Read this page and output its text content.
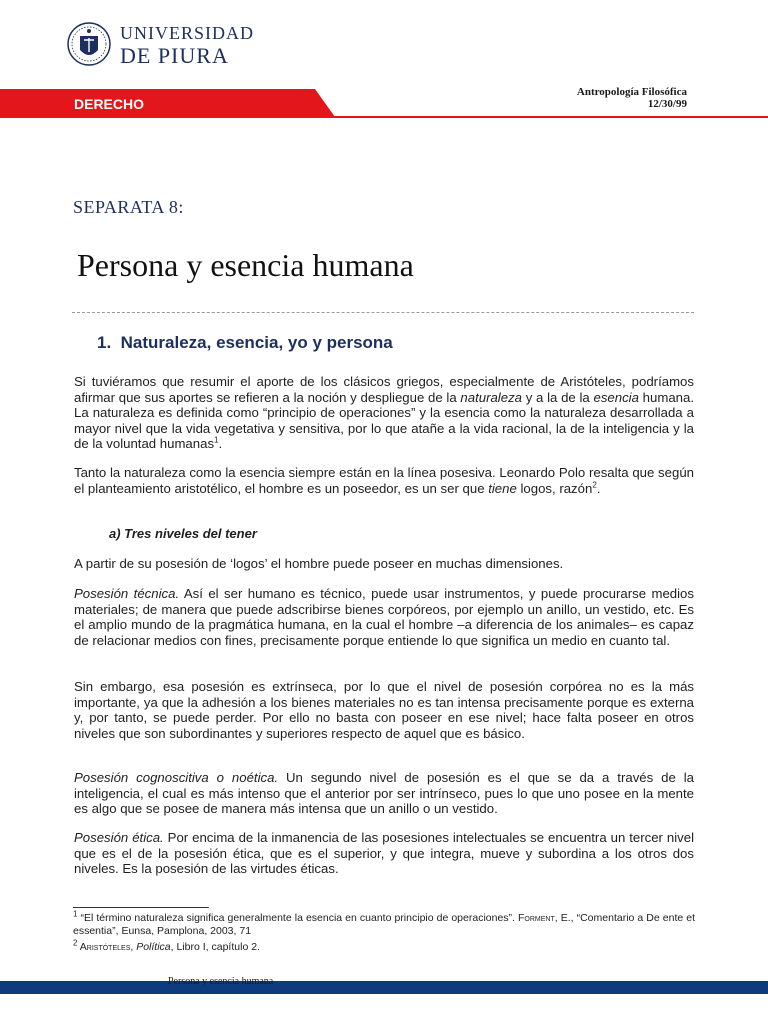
UNIVERSIDAD
DE PIURA
DERECHO
Antropología Filosófica
12/30/99
SEPARATA 8:
Persona y esencia humana
1. Naturaleza, esencia, yo y persona
Si tuviéramos que resumir el aporte de los clásicos griegos, especialmente de Aristóteles, podríamos afirmar que sus aportes se refieren a la noción y despliegue de la naturaleza y a la de la esencia humana. La naturaleza es definida como “principio de operaciones” y la esencia como la naturaleza desarrollada a mayor nivel que la vida vegetativa y sensitiva, por lo que atañe a la vida racional, la de la inteligencia y la de la voluntad humanas$^1$.
Tanto la naturaleza como la esencia siempre están en la línea posesiva. Leonardo Polo resalta que según el planteamiento aristotélico, el hombre es un poseedor, es un ser que tiene logos, razón$^2$.
a) Tres niveles del tener
A partir de su posesión de ‘logos’ el hombre puede poseer en muchas dimensiones.
Posesión técnica. Así el ser humano es técnico, puede usar instrumentos, y puede procurarse medios materiales; de manera que puede adscribirse bienes corpóreos, por ejemplo un anillo, un vestido, etc. Es el amplio mundo de la pragmática humana, en la cual el hombre –a diferencia de los animales– es capaz de relacionar medios con fines, precisamente porque entiende lo que significa un medio en cuanto tal.
Sin embargo, esa posesión es extrínseca, por lo que el nivel de posesión corpórea no es la más importante, ya que la adhesión a los bienes materiales no es tan intensa precisamente porque es externa y, por tanto, se puede perder. Por ello no basta con poseer en ese nivel; hace falta poseer en otros niveles que son subordinantes y superiores respecto de aquel que es básico.
Posesión cognoscitiva o noética. Un segundo nivel de posesión es el que se da a través de la inteligencia, el cual es más intenso que el anterior por ser intrínseco, pues lo que uno posee en la mente es algo que se posee de manera más intensa que un anillo o un vestido.
Posesión ética. Por encima de la inmanencia de las posesiones intelectuales se encuentra un tercer nivel que es el de la posesión ética, que es el superior, y que integra, mueve y subordina a los otros dos niveles. Es la posesión de las virtudes éticas.
$^1$ “El término naturaleza significa generalmente la esencia en cuanto principio de operaciones”. Forment, E., “Comentario a De ente et essentia”, Eunsa, Pamplona, 2003, 71
$^2$ Aristóteles, Política, Libro I, capítulo 2.
Persona y esencia humana
